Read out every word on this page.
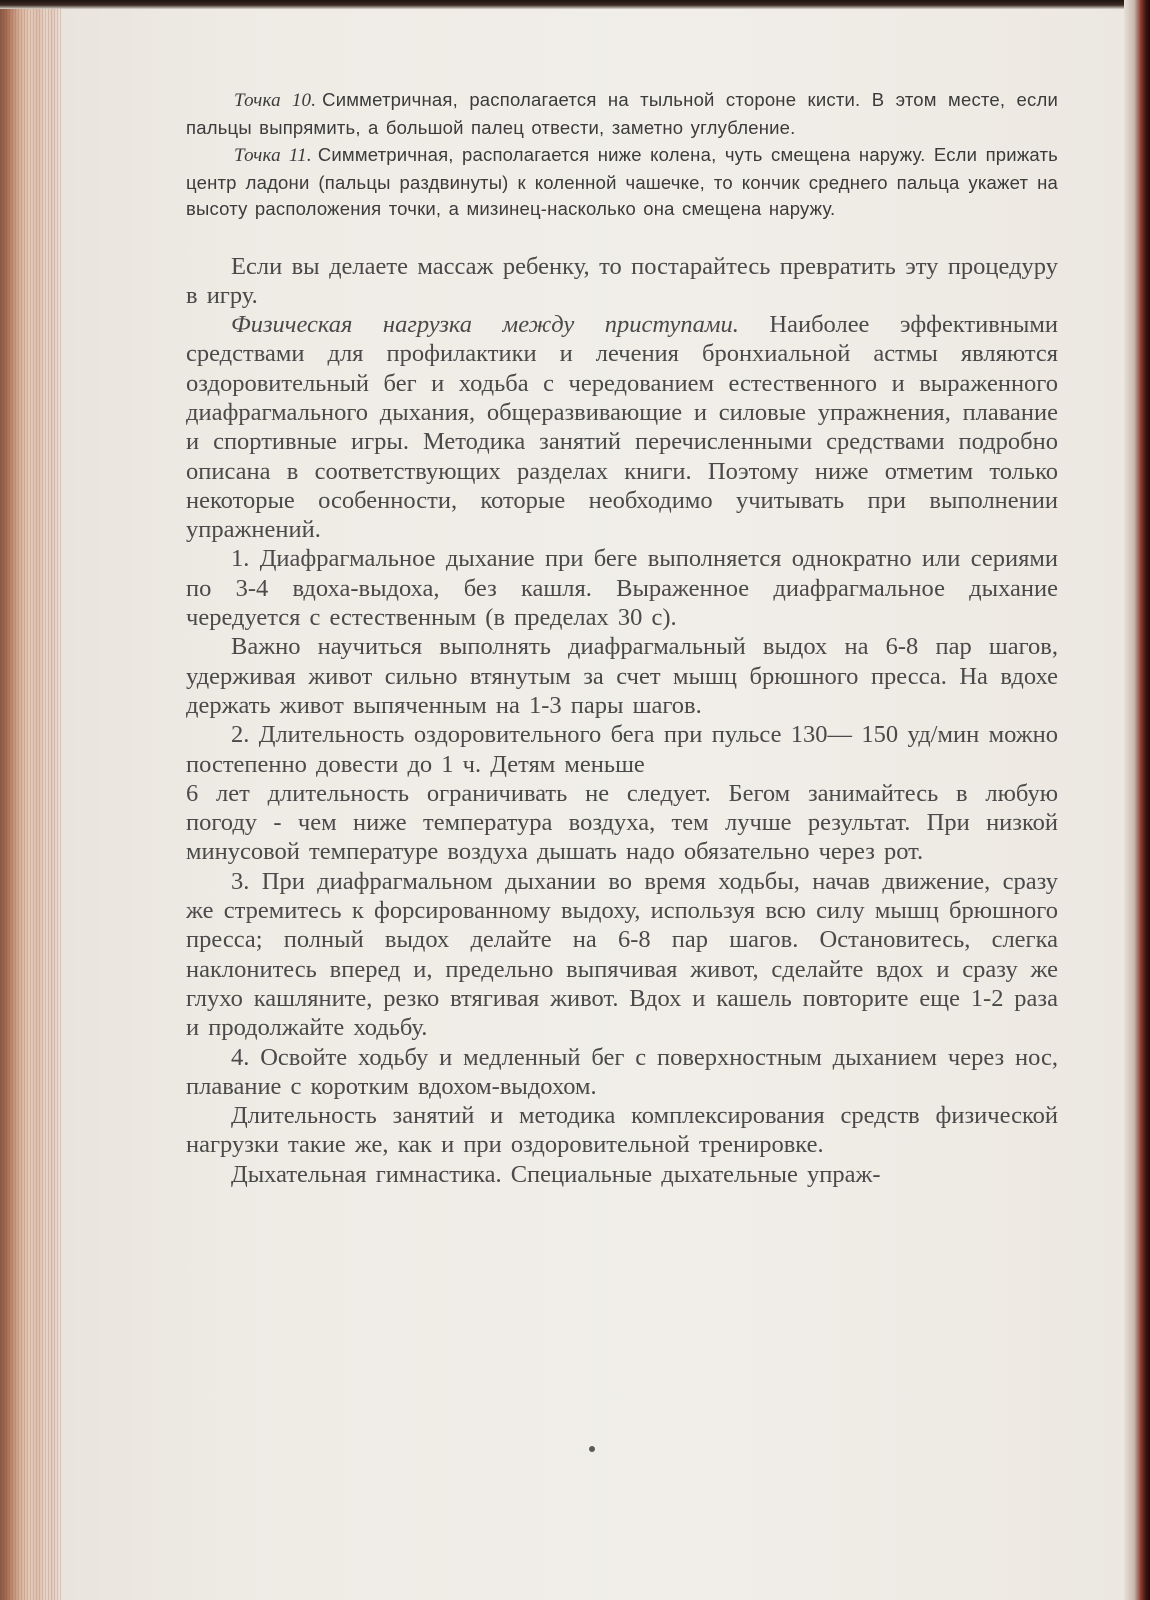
Точка 10. Симметричная, располагается на тыльной стороне кисти. В этом месте, если пальцы выпрямить, а большой палец отвести, заметно углубление.

Точка 11. Симметричная, располагается ниже колена, чуть смещена наружу. Если прижать центр ладони (пальцы раздвинуты) к коленной чашечке, то кончик среднего пальца укажет на высоту расположения точки, а мизинец-насколько она смещена наружу.

Если вы делаете массаж ребенку, то постарайтесь превратить эту процедуру в игру.

Физическая нагрузка между приступами. Наиболее эффективными средствами для профилактики и лечения бронхиальной астмы являются оздоровительный бег и ходьба с чередованием естественного и выраженного диафрагмального дыхания, общеразвивающие и силовые упражнения, плавание и спортивные игры. Методика занятий перечисленными средствами подробно описана в соответствующих разделах книги. Поэтому ниже отметим только некоторые особенности, которые необходимо учитывать при выполнении упражнений.

1. Диафрагмальное дыхание при беге выполняется однократно или сериями по 3-4 вдоха-выдоха, без кашля. Выраженное диафрагмальное дыхание чередуется с естественным (в пределах 30 с).

Важно научиться выполнять диафрагмальный выдох на 6-8 пар шагов, удерживая живот сильно втянутым за счет мышц брюшного пресса. На вдохе держать живот выпяченным на 1-3 пары шагов.

2. Длительность оздоровительного бега при пульсе 130— 150 уд/мин можно постепенно довести до 1 ч. Детям меньше

6 лет длительность ограничивать не следует. Бегом занимайтесь в любую погоду - чем ниже температура воздуха, тем лучше результат. При низкой минусовой температуре воздуха дышать надо обязательно через рот.

3. При диафрагмальном дыхании во время ходьбы, начав движение, сразу же стремитесь к форсированному выдоху, используя всю силу мышц брюшного пресса; полный выдох делайте на 6-8 пар шагов. Остановитесь, слегка наклонитесь вперед и, предельно выпячивая живот, сделайте вдох и сразу же глухо кашляните, резко втягивая живот. Вдох и кашель повторите еще 1-2 раза и продолжайте ходьбу.

4. Освойте ходьбу и медленный бег с поверхностным дыханием через нос, плавание с коротким вдохом-выдохом.

Длительность занятий и методика комплексирования средств физической нагрузки такие же, как и при оздоровительной тренировке.

Дыхательная гимнастика. Специальные дыхательные упраж-
